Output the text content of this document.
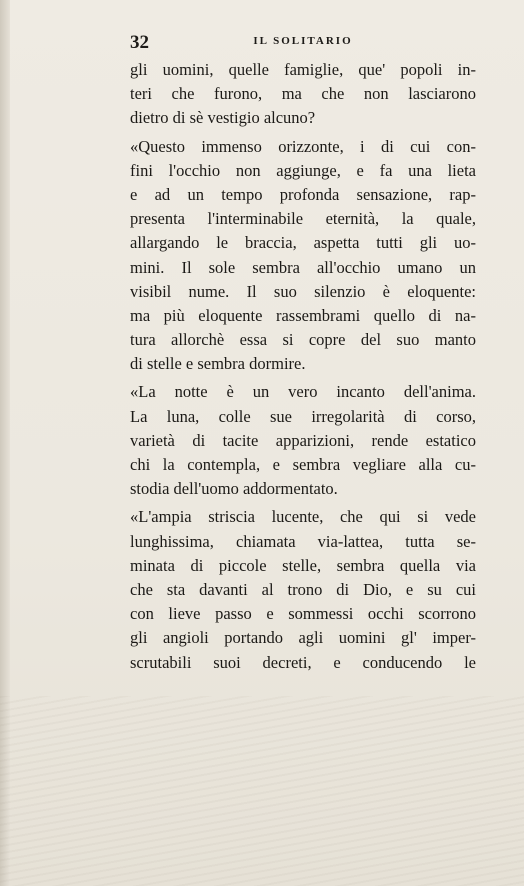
32	IL SOLITARIO
gli uomini, quelle famiglie, que' popoli in-
teri che furono, ma che non lasciarono
dietro di sè vestigio alcuno?
«Questo immenso orizzonte, i di cui con-
fini l'occhio non aggiunge, e fa una lieta
e ad un tempo profonda sensazione, rap-
presenta l'interminabile eternità, la quale,
allargando le braccia, aspetta tutti gli uo-
mini. Il sole sembra all'occhio umano un
visibil nume. Il suo silenzio è eloquente:
ma più eloquente rassembrami quello di na-
tura allorchè essa si copre del suo manto
di stelle e sembra dormire.
«La notte è un vero incanto dell'anima.
La luna, colle sue irregolarità di corso,
varietà di tacite apparizioni, rende estatico
chi la contempla, e sembra vegliare alla cu-
stodia dell'uomo addormentato.
«L'ampia striscia lucente, che qui si vede
lunghissima, chiamata via-lattea, tutta se-
minata di piccole stelle, sembra quella via
che sta davanti al trono di Dio, e su cui
con lieve passo e sommessi occhi scorrono
gli angioli portando agli uomini gl' imper-
scrutabili suoi decreti, e conducendo le
